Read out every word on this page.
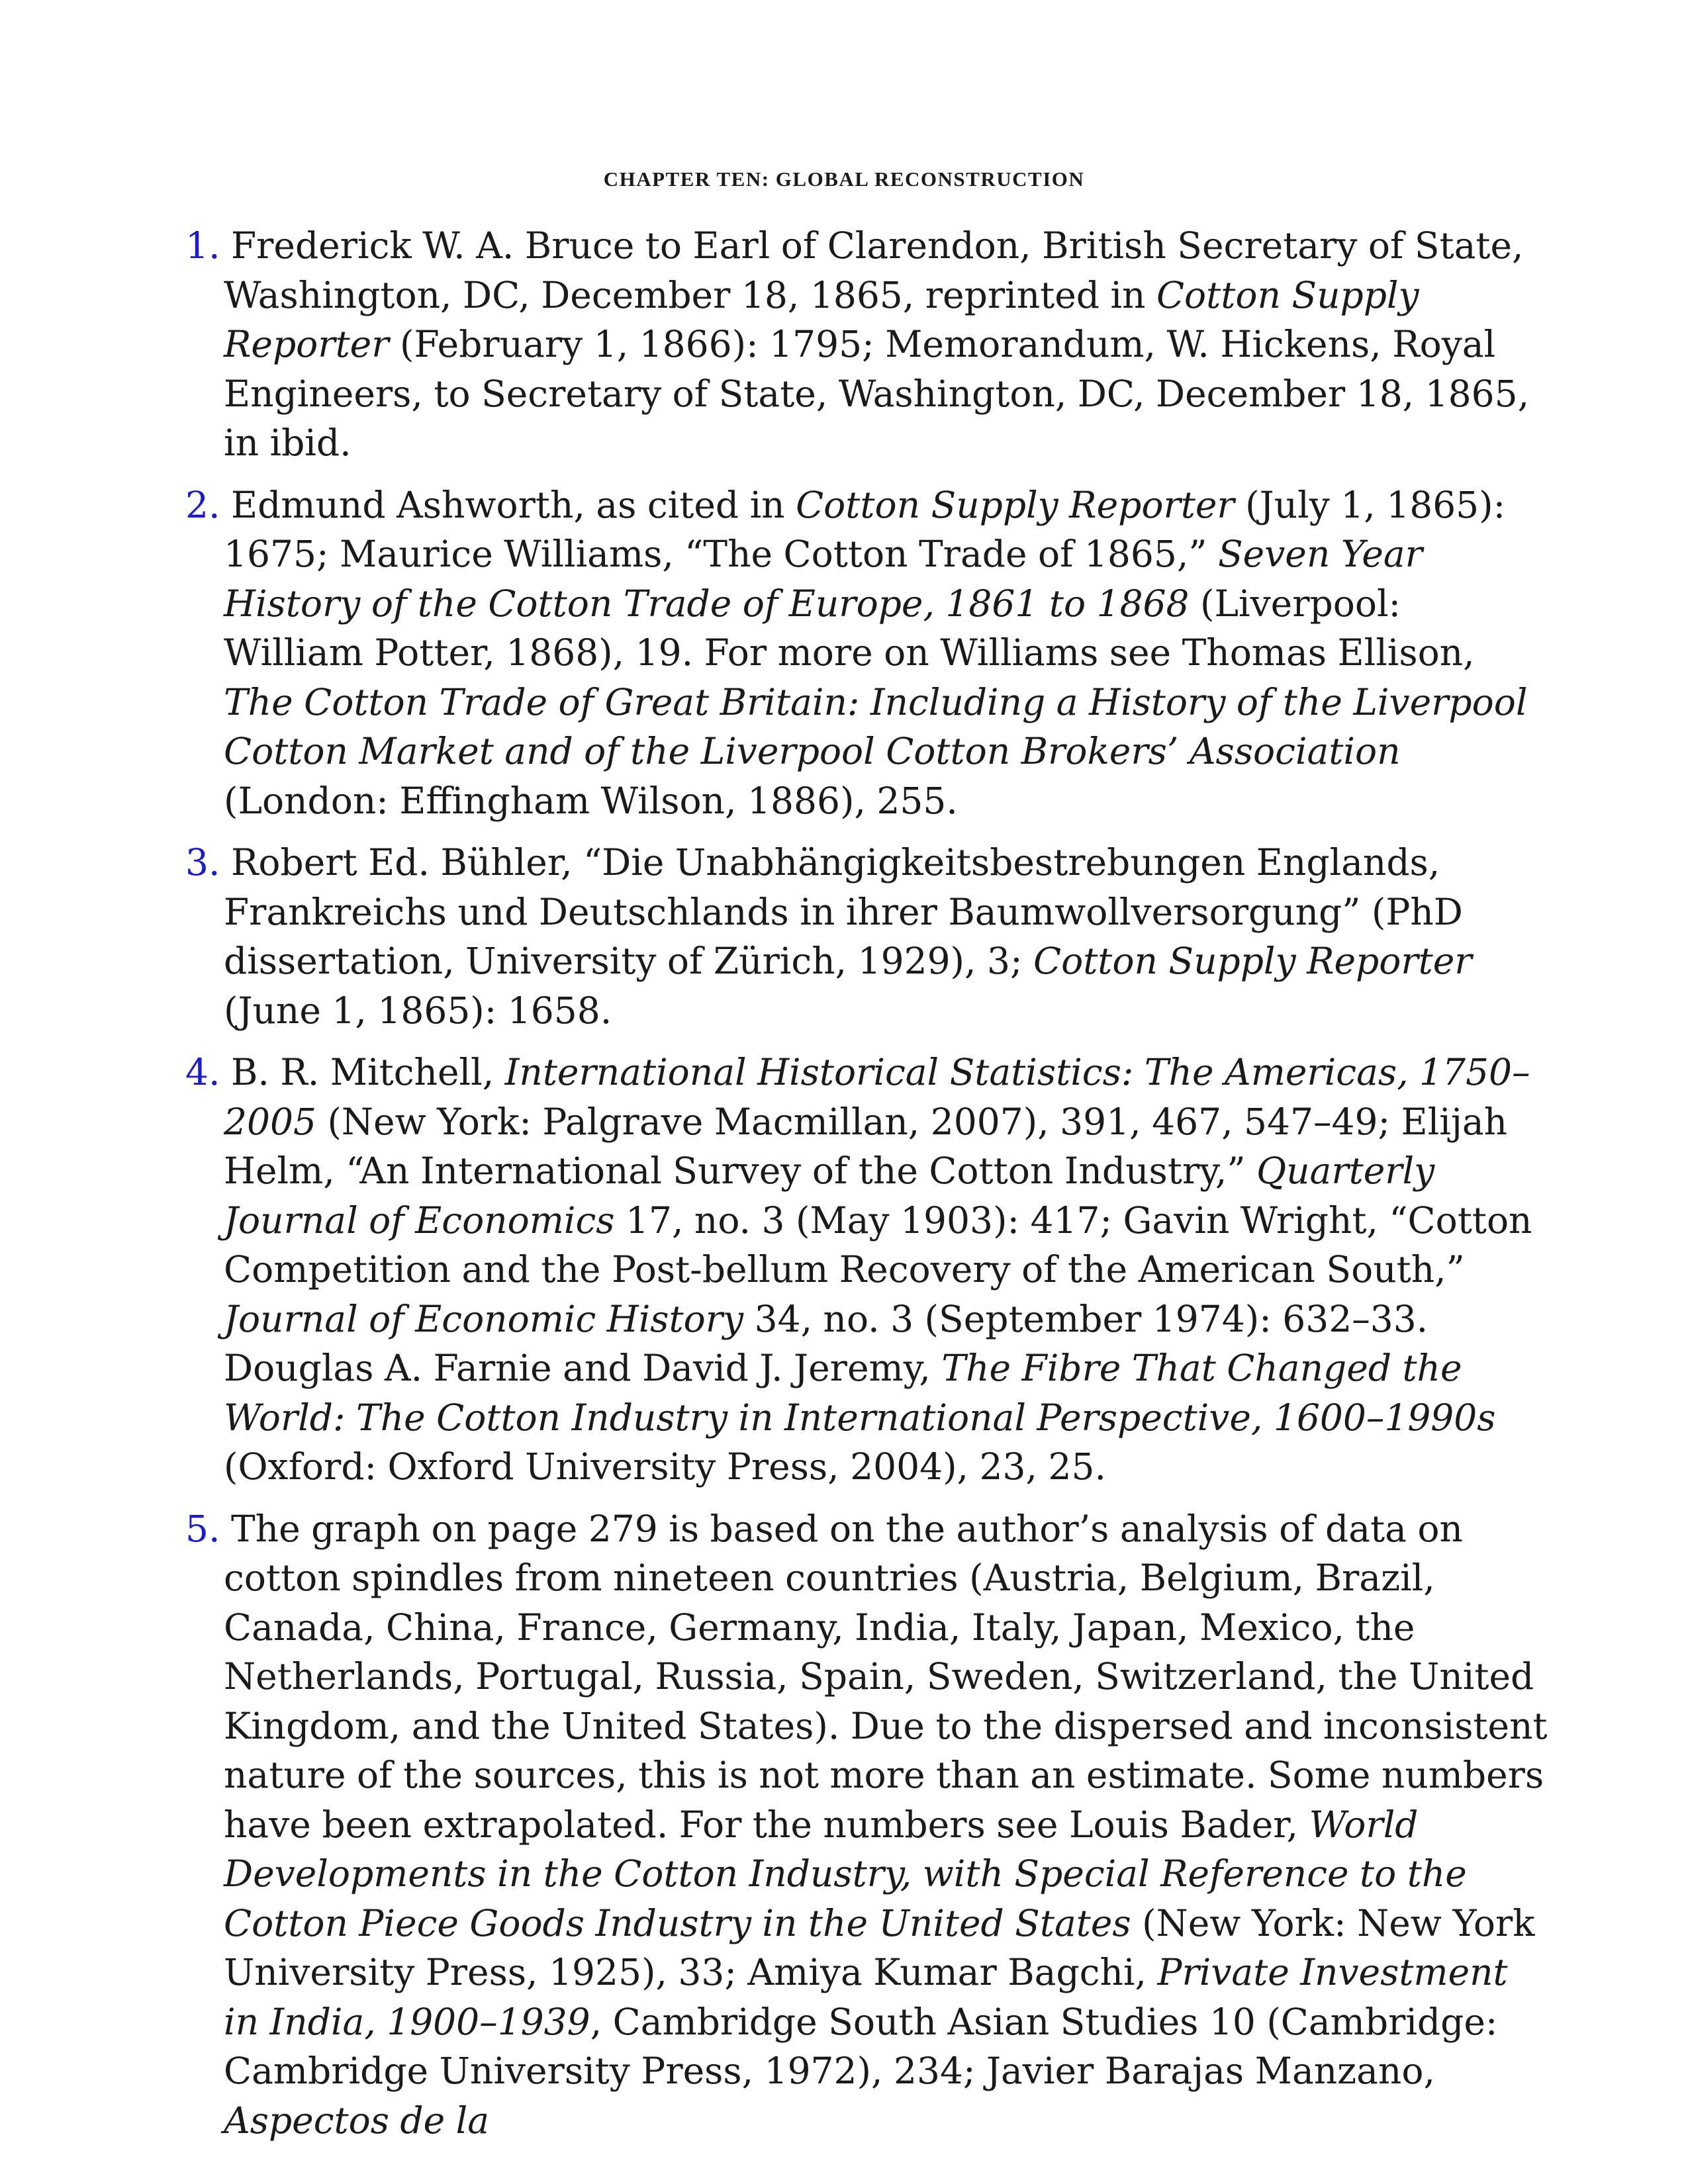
CHAPTER TEN: GLOBAL RECONSTRUCTION
1. Frederick W. A. Bruce to Earl of Clarendon, British Secretary of State, Washington, DC, December 18, 1865, reprinted in Cotton Supply Reporter (February 1, 1866): 1795; Memorandum, W. Hickens, Royal Engineers, to Secretary of State, Washington, DC, December 18, 1865, in ibid.
2. Edmund Ashworth, as cited in Cotton Supply Reporter (July 1, 1865): 1675; Maurice Williams, “The Cotton Trade of 1865,” Seven Year History of the Cotton Trade of Europe, 1861 to 1868 (Liverpool: William Potter, 1868), 19. For more on Williams see Thomas Ellison, The Cotton Trade of Great Britain: Including a History of the Liverpool Cotton Market and of the Liverpool Cotton Brokers’ Association (London: Effingham Wilson, 1886), 255.
3. Robert Ed. Bühler, “Die Unabhängigkeitsbestrebungen Englands, Frankreichs und Deutschlands in ihrer Baumwollversorgung” (PhD dissertation, University of Zürich, 1929), 3; Cotton Supply Reporter (June 1, 1865): 1658.
4. B. R. Mitchell, International Historical Statistics: The Americas, 1750–2005 (New York: Palgrave Macmillan, 2007), 391, 467, 547–49; Elijah Helm, “An International Survey of the Cotton Industry,” Quarterly Journal of Economics 17, no. 3 (May 1903): 417; Gavin Wright, “Cotton Competition and the Post-bellum Recovery of the American South,” Journal of Economic History 34, no. 3 (September 1974): 632–33. Douglas A. Farnie and David J. Jeremy, The Fibre That Changed the World: The Cotton Industry in International Perspective, 1600–1990s (Oxford: Oxford University Press, 2004), 23, 25.
5. The graph on page 279 is based on the author’s analysis of data on cotton spindles from nineteen countries (Austria, Belgium, Brazil, Canada, China, France, Germany, India, Italy, Japan, Mexico, the Netherlands, Portugal, Russia, Spain, Sweden, Switzerland, the United Kingdom, and the United States). Due to the dispersed and inconsistent nature of the sources, this is not more than an estimate. Some numbers have been extrapolated. For the numbers see Louis Bader, World Developments in the Cotton Industry, with Special Reference to the Cotton Piece Goods Industry in the United States (New York: New York University Press, 1925), 33; Amiya Kumar Bagchi, Private Investment in India, 1900–1939, Cambridge South Asian Studies 10 (Cambridge: Cambridge University Press, 1972), 234; Javier Barajas Manzano, Aspectos de la
